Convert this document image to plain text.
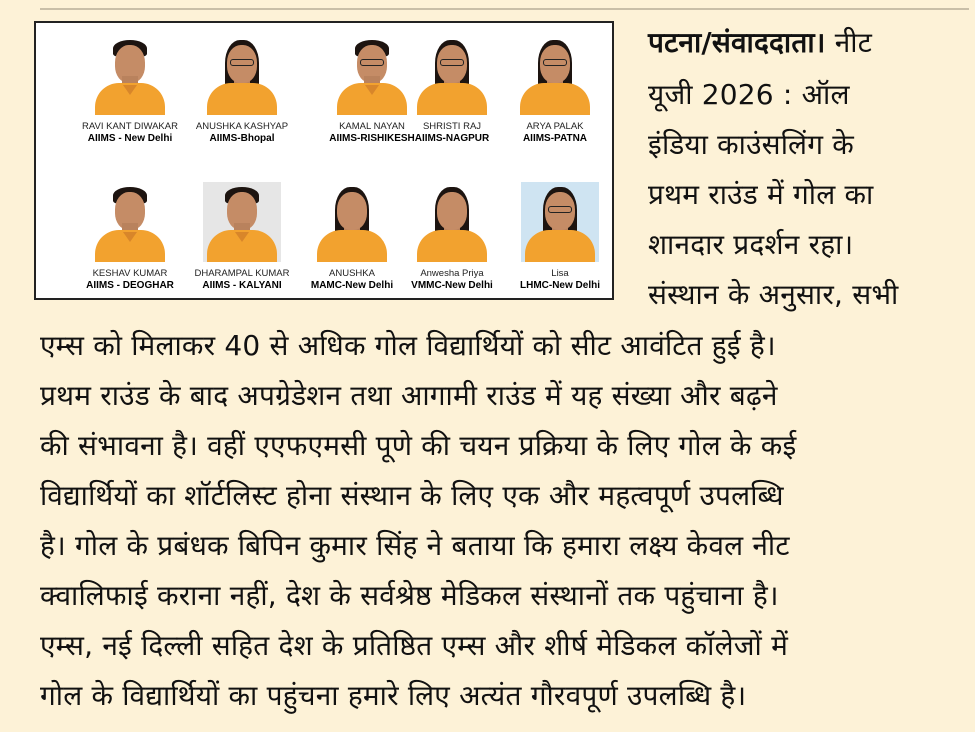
RAVI KANT DIWAKAR
AIIMS - New Delhi
ANUSHKA KASHYAP
AIIMS-Bhopal
KAMAL NAYAN
AIIMS-RISHIKESH
SHRISTI RAJ
AIIMS-NAGPUR
ARYA PALAK
AIIMS-PATNA
KESHAV KUMAR
AIIMS - DEOGHAR
DHARAMPAL KUMAR
AIIMS - KALYANI
ANUSHKA
MAMC-New Delhi
Anwesha Priya
VMMC-New Delhi
Lisa
LHMC-New Delhi
पटना/संवाददाता। नीट
यूजी 2026 : ऑल
इंडिया काउंसलिंग के
प्रथम राउंड में गोल का
शानदार प्रदर्शन रहा।
संस्थान के अनुसार, सभी
एम्स को मिलाकर 40 से अधिक गोल विद्यार्थियों को सीट आवंटित हुई है।
प्रथम राउंड के बाद अपग्रेडेशन तथा आगामी राउंड में यह संख्या और बढ़ने
की संभावना है। वहीं एएफएमसी पूणे की चयन प्रक्रिया के लिए गोल के कई
विद्यार्थियों का शॉर्टलिस्ट होना संस्थान के लिए एक और महत्वपूर्ण उपलब्धि
है। गोल के प्रबंधक बिपिन कुमार सिंह ने बताया कि हमारा लक्ष्य केवल नीट
क्वालिफाई कराना नहीं, देश के सर्वश्रेष्ठ मेडिकल संस्थानों तक पहुंचाना है।
एम्स, नई दिल्ली सहित देश के प्रतिष्ठित एम्स और शीर्ष मेडिकल कॉलेजों में
गोल के विद्यार्थियों का पहुंचना हमारे लिए अत्यंत गौरवपूर्ण उपलब्धि है।
